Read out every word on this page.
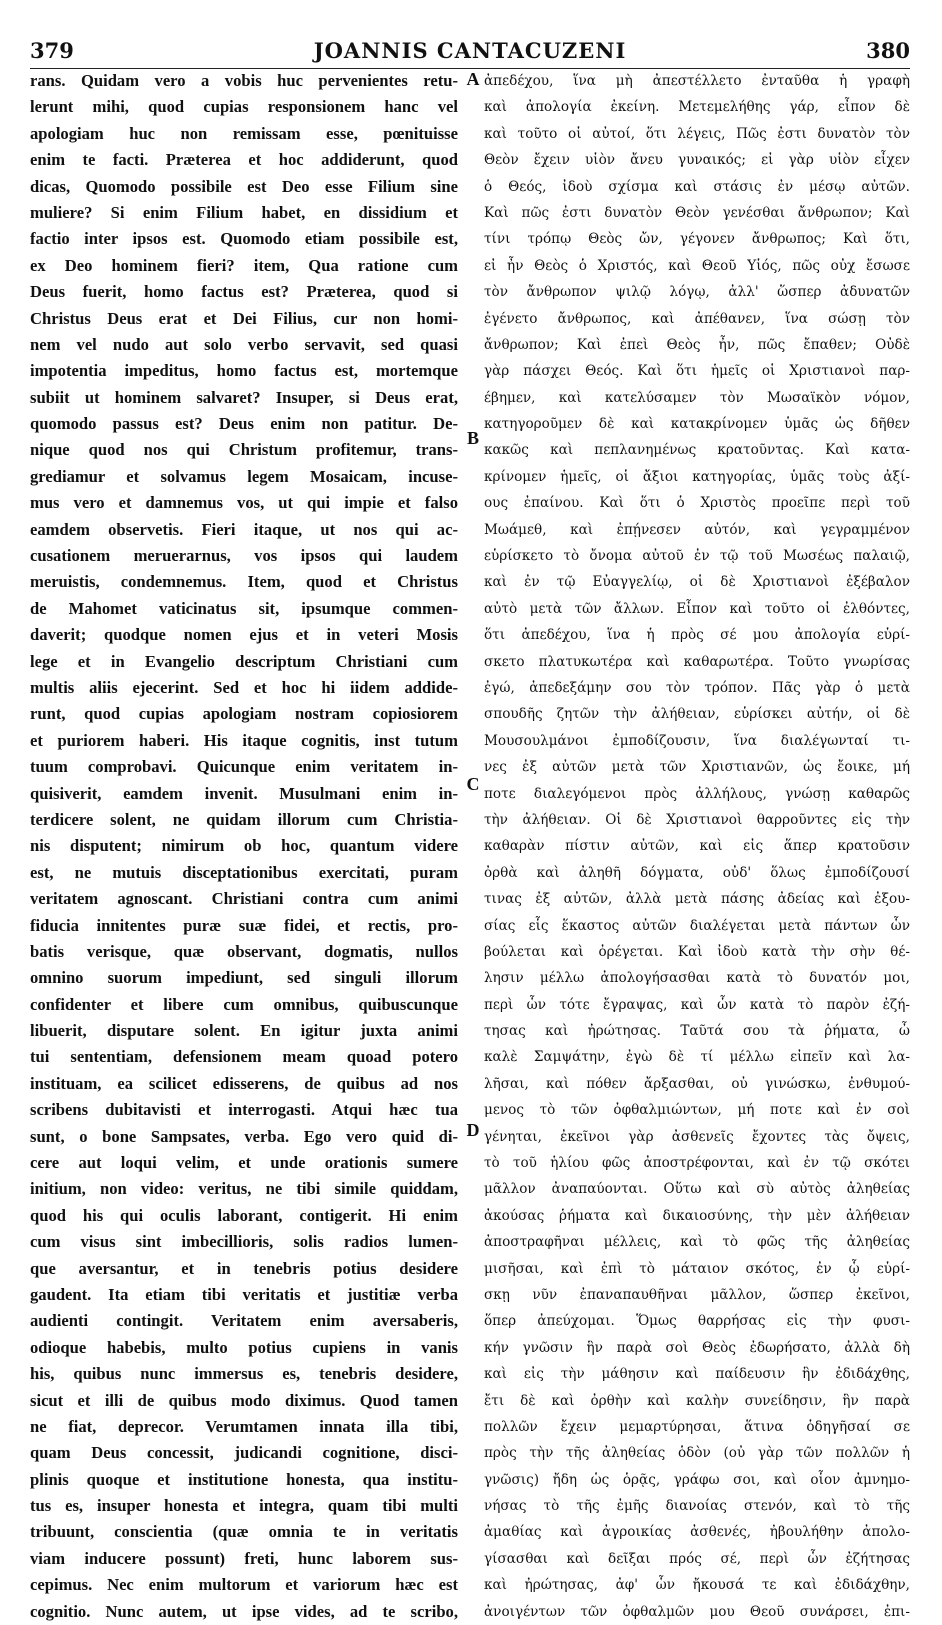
379	JOANNIS CANTACUZENI	380
rans. Quidam vero a vobis huc pervenientes retu-
lerunt mihi, quod cupias responsionem hanc vel
apologiam huc non remissam esse, pœnituisse
enim te facti. Præterea et hoc addiderunt, quod
dicas, Quomodo possibile est Deo esse Filium sine
muliere? Si enim Filium habet, en dissidium et
factio inter ipsos est. Quomodo etiam possibile est,
ex Deo hominem fieri? item, Qua ratione cum
Deus fuerit, homo factus est? Præterea, quod si
Christus Deus erat et Dei Filius, cur non homi-
nem vel nudo aut solo verbo servavit, sed quasi
impotentia impeditus, homo factus est, mortemque
subiit ut hominem salvaret? Insuper, si Deus erat,
quomodo passus est? Deus enim non patitur. De-
nique quod nos qui Christum profitemur, trans-
grediamur et solvamus legem Mosaicam, incuse-
mus vero et damnemus vos, ut qui impie et falso
eamdem observetis. Fieri itaque, ut nos qui ac-
cusationem meruerarnus, vos ipsos qui laudem
meruistis, condemnemus. Item, quod et Christus
de Mahomet vaticinatus sit, ipsumque commen-
daverit; quodque nomen ejus et in veteri Mosis
lege et in Evangelio descriptum Christiani cum
multis aliis ejecerint. Sed et hoc hi iidem addide-
runt, quod cupias apologiam nostram copiosiorem
et puriorem haberi. His itaque cognitis, inst tutum
tuum comprobavi. Quicunque enim veritatem in-
quisiverit, eamdem invenit. Musulmani enim in-
terdicere solent, ne quidam illorum cum Christia-
nis disputent; nimirum ob hoc, quantum videre
est, ne mutuis disceptationibus exercitati, puram
veritatem agnoscant. Christiani contra cum animi
fiducia innitentes puræ suæ fidei, et rectis, pro-
batis verisque, quæ observant, dogmatis, nullos
omnino suorum impediunt, sed singuli illorum
confidenter et libere cum omnibus, quibuscunque
libuerit, disputare solent. En igitur juxta animi
tui sententiam, defensionem meam quoad potero
instituam, ea scilicet edisserens, de quibus ad nos
scribens dubitavisti et interrogasti. Atqui hæc tua
sunt, o bone Sampsates, verba. Ego vero quid di-
cere aut loqui velim, et unde orationis sumere
initium, non video: veritus, ne tibi simile quiddam,
quod his qui oculis laborant, contigerit. Hi enim
cum visus sint imbecillioris, solis radios lumen-
que aversantur, et in tenebris potius desidere
gaudent. Ita etiam tibi veritatis et justitiæ verba
audienti contingit. Veritatem enim aversaberis,
odioque habebis, multo potius cupiens in vanis
his, quibus nunc immersus es, tenebris desidere,
sicut et illi de quibus modo diximus. Quod tamen
ne fiat, deprecor. Verumtamen innata illa tibi,
quam Deus concessit, judicandi cognitione, disci-
plinis quoque et institutione honesta, qua institu-
tus es, insuper honesta et integra, quam tibi multi
tribuunt, conscientia (quæ omnia te in veritatis
viam inducere possunt) freti, hunc laborem sus-
cepimus. Nec enim multorum et variorum hæc est
cognitio. Nunc autem, ut ipse vides, ad te scribo,
A
B
C
D
ἀπεδέχου, ἵνα μὴ ἀπεστέλλετο ἐνταῦθα ἡ γραφὴ
καὶ ἀπολογία ἐκείνη. Μετεμελήθης γάρ, εἶπον δὲ
καὶ τοῦτο οἱ αὐτοί, ὅτι λέγεις, Πῶς ἐστι δυνατὸν τὸν
Θεὸν ἔχειν υἱὸν ἄνευ γυναικός; εἰ γὰρ υἱὸν εἶχεν
ὁ Θεός, ἰδοὺ σχίσμα καὶ στάσις ἐν μέσῳ αὐτῶν.
Καὶ πῶς ἐστι δυνατὸν Θεὸν γενέσθαι ἄνθρωπον; Καὶ
τίνι τρόπῳ Θεὸς ὤν, γέγονεν ἄνθρωπος; Καὶ ὅτι,
εἰ ἦν Θεὸς ὁ Χριστός, καὶ Θεοῦ Υἱός, πῶς οὐχ ἔσωσε
τὸν ἄνθρωπον ψιλῷ λόγῳ, ἀλλ' ὥσπερ ἀδυνατῶν
ἐγένετο ἄνθρωπος, καὶ ἀπέθανεν, ἵνα σώσῃ τὸν
ἄνθρωπον; Καὶ ἐπεὶ Θεὸς ἦν, πῶς ἔπαθεν; Οὐδὲ
γὰρ πάσχει Θεός. Καὶ ὅτι ἡμεῖς οἱ Χριστιανοὶ παρ-
έβημεν, καὶ κατελύσαμεν τὸν Μωσαϊκὸν νόμον,
κατηγοροῦμεν δὲ καὶ κατακρίνομεν ὑμᾶς ὡς δῆθεν
κακῶς καὶ πεπλανημένως κρατοῦντας. Καὶ κατα-
κρίνομεν ἡμεῖς, οἱ ἄξιοι κατηγορίας, ὑμᾶς τοὺς ἀξί-
ους ἐπαίνου. Καὶ ὅτι ὁ Χριστὸς προεῖπε περὶ τοῦ
Μωάμεθ, καὶ ἐπῄνεσεν αὐτόν, καὶ γεγραμμένον
εὑρίσκετο τὸ ὄνομα αὐτοῦ ἐν τῷ τοῦ Μωσέως παλαιῷ,
καὶ ἐν τῷ Εὐαγγελίῳ, οἱ δὲ Χριστιανοὶ ἐξέβαλον
αὐτὸ μετὰ τῶν ἄλλων. Εἶπον καὶ τοῦτο οἱ ἐλθόντες,
ὅτι ἀπεδέχου, ἵνα ἡ πρὸς σέ μου ἀπολογία εὑρί-
σκετο πλατυκωτέρα καὶ καθαρωτέρα. Τοῦτο γνωρίσας
ἐγώ, ἀπεδεξάμην σου τὸν τρόπον. Πᾶς γὰρ ὁ μετὰ
σπουδῆς ζητῶν τὴν ἀλήθειαν, εὑρίσκει αὐτήν, οἱ δὲ
Μουσουλμάνοι ἐμποδίζουσιν, ἵνα διαλέγωνταί τι-
νες ἐξ αὐτῶν μετὰ τῶν Χριστιανῶν, ὡς ἔοικε, μή
ποτε διαλεγόμενοι πρὸς ἀλλήλους, γνώσῃ καθαρῶς
τὴν ἀλήθειαν. Οἱ δὲ Χριστιανοὶ θαρροῦντες εἰς τὴν
καθαρὰν πίστιν αὐτῶν, καὶ εἰς ἅπερ κρατοῦσιν
ὀρθὰ καὶ ἀληθῆ δόγματα, οὐδ' ὅλως ἐμποδίζουσί
τινας ἐξ αὐτῶν, ἀλλὰ μετὰ πάσης ἀδείας καὶ ἐξου-
σίας εἷς ἕκαστος αὐτῶν διαλέγεται μετὰ πάντων ὧν
βούλεται καὶ ὀρέγεται. Καὶ ἰδοὺ κατὰ τὴν σὴν θέ-
λησιν μέλλω ἀπολογήσασθαι κατὰ τὸ δυνατόν μοι,
περὶ ὧν τότε ἔγραψας, καὶ ὧν κατὰ τὸ παρὸν ἐζή-
τησας καὶ ἠρώτησας. Ταῦτά σου τὰ ῥήματα, ὦ
καλὲ Σαμψάτην, ἐγὼ δὲ τί μέλλω εἰπεῖν καὶ λα-
λῆσαι, καὶ πόθεν ἄρξασθαι, οὐ γινώσκω, ἐνθυμού-
μενος τὸ τῶν ὀφθαλμιώντων, μή ποτε καὶ ἐν σοὶ
γένηται, ἐκεῖνοι γὰρ ἀσθενεῖς ἔχοντες τὰς ὄψεις,
τὸ τοῦ ἡλίου φῶς ἀποστρέφονται, καὶ ἐν τῷ σκότει
μᾶλλον ἀναπαύονται. Οὕτω καὶ σὺ αὐτὸς ἀληθείας
ἀκούσας ῥήματα καὶ δικαιοσύνης, τὴν μὲν ἀλήθειαν
ἀποστραφῆναι μέλλεις, καὶ τὸ φῶς τῆς ἀληθείας
μισῆσαι, καὶ ἐπὶ τὸ μάταιον σκότος, ἐν ᾧ εὑρί-
σκῃ νῦν ἐπαναπαυθῆναι μᾶλλον, ὥσπερ ἐκεῖνοι,
ὅπερ ἀπεύχομαι. Ὅμως θαρρήσας εἰς τὴν φυσι-
κήν γνῶσιν ἣν παρὰ σοὶ Θεὸς ἐδωρήσατο, ἀλλὰ δὴ
καὶ εἰς τὴν μάθησιν καὶ παίδευσιν ἣν ἐδιδάχθης,
ἔτι δὲ καὶ ὀρθὴν καὶ καλὴν συνείδησιν, ἣν παρὰ
πολλῶν ἔχειν μεμαρτύρησαι, ἅτινα ὁδηγῆσαί σε
πρὸς τὴν τῆς ἀληθείας ὁδὸν (οὐ γὰρ τῶν πολλῶν ἡ
γνῶσις) ἤδη ὡς ὁρᾷς, γράφω σοι, καὶ οἷον ἀμνημο-
νήσας τὸ τῆς ἐμῆς διανοίας στενόν, καὶ τὸ τῆς
ἀμαθίας καὶ ἀγροικίας ἀσθενές, ἠβουλήθην ἀπολο-
γίσασθαι καὶ δεῖξαι πρός σέ, περὶ ὧν ἐζήτησας
καὶ ἠρώτησας, ἀφ' ὧν ἤκουσά τε καὶ ἐδιδάχθην,
ἀνοιγέντων τῶν ὀφθαλμῶν μου Θεοῦ συνάρσει, ἐπι-
